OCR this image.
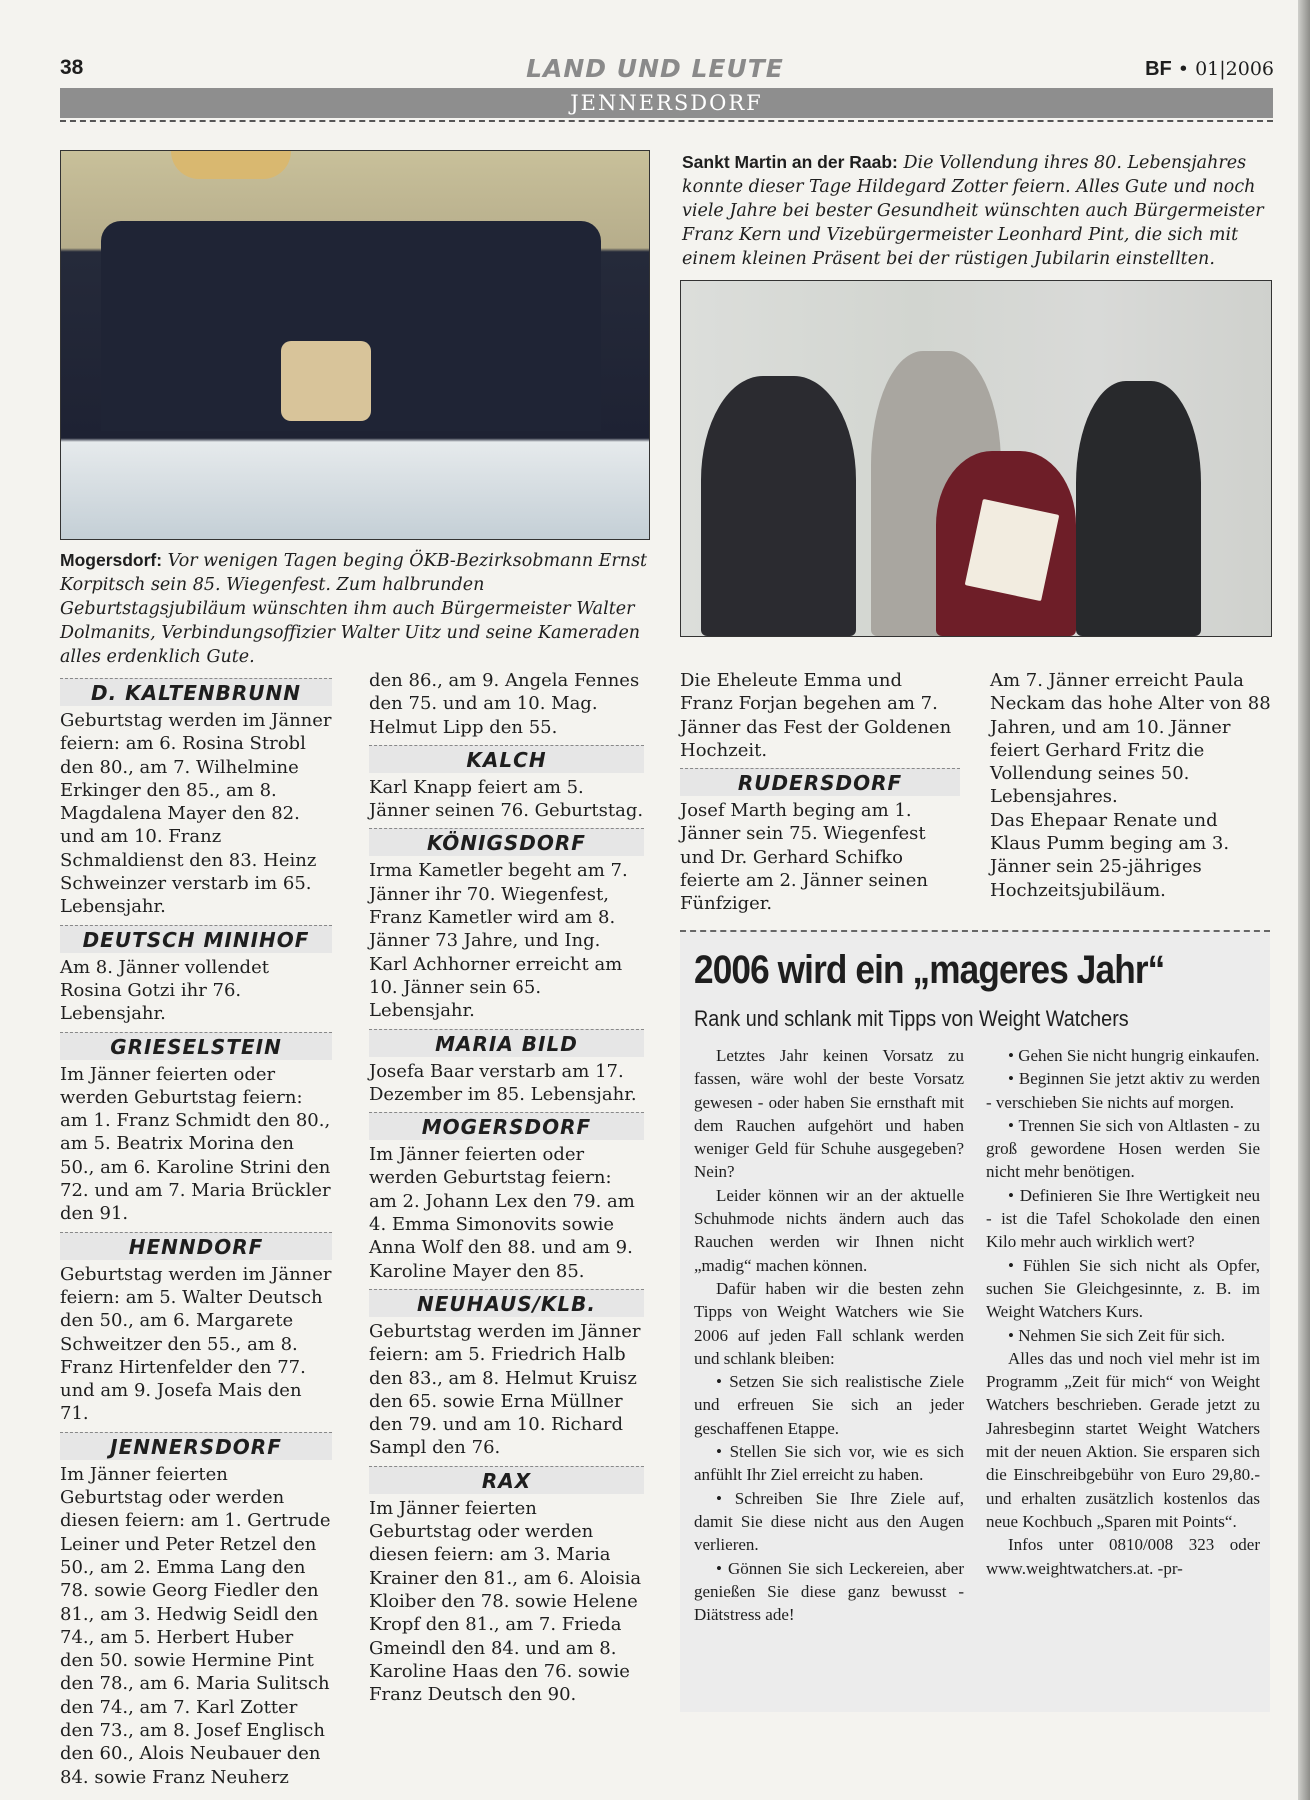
38	LAND UND LEUTE	BF • 01|2006
JENNERSDORF
Mogersdorf: Vor wenigen Tagen beging ÖKB-Bezirksobmann Ernst Korpitsch sein 85. Wiegenfest. Zum halbrunden Geburtstagsjubiläum wünschten ihm auch Bürgermeister Walter Dolmanits, Verbindungsoffizier Walter Uitz und seine Kameraden alles erdenklich Gute.
Sankt Martin an der Raab: Die Vollendung ihres 80. Lebensjahres konnte dieser Tage Hildegard Zotter feiern. Alles Gute und noch viele Jahre bei bester Gesundheit wünschten auch Bürgermeister Franz Kern und Vizebürgermeister Leonhard Pint, die sich mit einem kleinen Präsent bei der rüstigen Jubilarin einstellten.
D. KALTENBRUNN

Geburtstag werden im Jänner feiern: am 6. Rosina Strobl den 80., am 7. Wilhelmine Erkinger den 85., am 8. Magdalena Mayer den 82. und am 10. Franz Schmaldienst den 83. Heinz Schweinzer verstarb im 65. Lebensjahr.

DEUTSCH MINIHOF

Am 8. Jänner vollendet Rosina Gotzi ihr 76. Lebensjahr.

GRIESELSTEIN

Im Jänner feierten oder werden Geburtstag feiern: am 1. Franz Schmidt den 80., am 5. Beatrix Morina den 50., am 6. Karoline Strini den 72. und am 7. Maria Brückler den 91.

HENNDORF

Geburtstag werden im Jänner feiern: am 5. Walter Deutsch den 50., am 6. Margarete Schweitzer den 55., am 8. Franz Hirtenfelder den 77. und am 9. Josefa Mais den 71.

JENNERSDORF

Im Jänner feierten Geburtstag oder werden diesen feiern: am 1. Gertrude Leiner und Peter Retzel den 50., am 2. Emma Lang den 78. sowie Georg Fiedler den 81., am 3. Hedwig Seidl den 74., am 5. Herbert Huber den 50. sowie Hermine Pint den 78., am 6. Maria Sulitsch den 74., am 7. Karl Zotter den 73., am 8. Josef Englisch den 60., Alois Neubauer den 84. sowie Franz Neuherz

den 86., am 9. Angela Fennes den 75. und am 10. Mag. Helmut Lipp den 55.

KALCH

Karl Knapp feiert am 5. Jänner seinen 76. Geburtstag.

KÖNIGSDORF

Irma Kametler begeht am 7. Jänner ihr 70. Wiegenfest, Franz Kametler wird am 8. Jänner 73 Jahre, und Ing. Karl Achhorner erreicht am 10. Jänner sein 65. Lebensjahr.

MARIA BILD

Josefa Baar verstarb am 17. Dezember im 85. Lebensjahr.

MOGERSDORF

Im Jänner feierten oder werden Geburtstag feiern: am 2. Johann Lex den 79. am 4. Emma Simonovits sowie Anna Wolf den 88. und am 9. Karoline Mayer den 85.

NEUHAUS/KLB.

Geburtstag werden im Jänner feiern: am 5. Friedrich Halb den 83., am 8. Helmut Kruisz den 65. sowie Erna Müllner den 79. und am 10. Richard Sampl den 76.

RAX

Im Jänner feierten Geburtstag oder werden diesen feiern: am 3. Maria Krainer den 81., am 6. Aloisia Kloiber den 78. sowie Helene Kropf den 81., am 7. Frieda Gmeindl den 84. und am 8. Karoline Haas den 76. sowie Franz Deutsch den 90.

Die Eheleute Emma und Franz Forjan begehen am 7. Jänner das Fest der Goldenen Hochzeit.

RUDERSDORF

Josef Marth beging am 1. Jänner sein 75. Wiegenfest und Dr. Gerhard Schifko feierte am 2. Jänner seinen Fünfziger.

Am 7. Jänner erreicht Paula Neckam das hohe Alter von 88 Jahren, und am 10. Jänner feiert Gerhard Fritz die Vollendung seines 50. Lebensjahres.

Das Ehepaar Renate und Klaus Pumm beging am 3. Jänner sein 25-jähriges Hochzeitsjubiläum.

2006 wird ein „mageres Jahr“
Rank und schlank mit Tipps von Weight Watchers

Letztes Jahr keinen Vorsatz zu fassen, wäre wohl der beste Vorsatz gewesen - oder haben Sie ernsthaft mit dem Rauchen aufgehört und haben weniger Geld für Schuhe ausgegeben? Nein?

Leider können wir an der aktuelle Schuhmode nichts ändern auch das Rauchen werden wir Ihnen nicht „madig“ machen können.

Dafür haben wir die besten zehn Tipps von Weight Watchers wie Sie 2006 auf jeden Fall schlank werden und schlank bleiben:

• Setzen Sie sich realistische Ziele und erfreuen Sie sich an jeder geschaffenen Etappe.

• Stellen Sie sich vor, wie es sich anfühlt Ihr Ziel erreicht zu haben.

• Schreiben Sie Ihre Ziele auf, damit Sie diese nicht aus den Augen verlieren.

• Gönnen Sie sich Leckereien, aber genießen Sie diese ganz bewusst - Diätstress ade!

• Gehen Sie nicht hungrig einkaufen.

• Beginnen Sie jetzt aktiv zu werden - verschieben Sie nichts auf morgen.

• Trennen Sie sich von Altlasten - zu groß gewordene Hosen werden Sie nicht mehr benötigen.

• Definieren Sie Ihre Wertigkeit neu - ist die Tafel Schokolade den einen Kilo mehr auch wirklich wert?

• Fühlen Sie sich nicht als Opfer, suchen Sie Gleichgesinnte, z. B. im Weight Watchers Kurs.

• Nehmen Sie sich Zeit für sich.

Alles das und noch viel mehr ist im Programm „Zeit für mich“ von Weight Watchers beschrieben. Gerade jetzt zu Jahresbeginn startet Weight Watchers mit der neuen Aktion. Sie ersparen sich die Einschreibgebühr von Euro 29,80.- und erhalten zusätzlich kostenlos das neue Kochbuch „Sparen mit Points“.

Infos unter 0810/008 323 oder www.weightwatchers.at. -pr-
